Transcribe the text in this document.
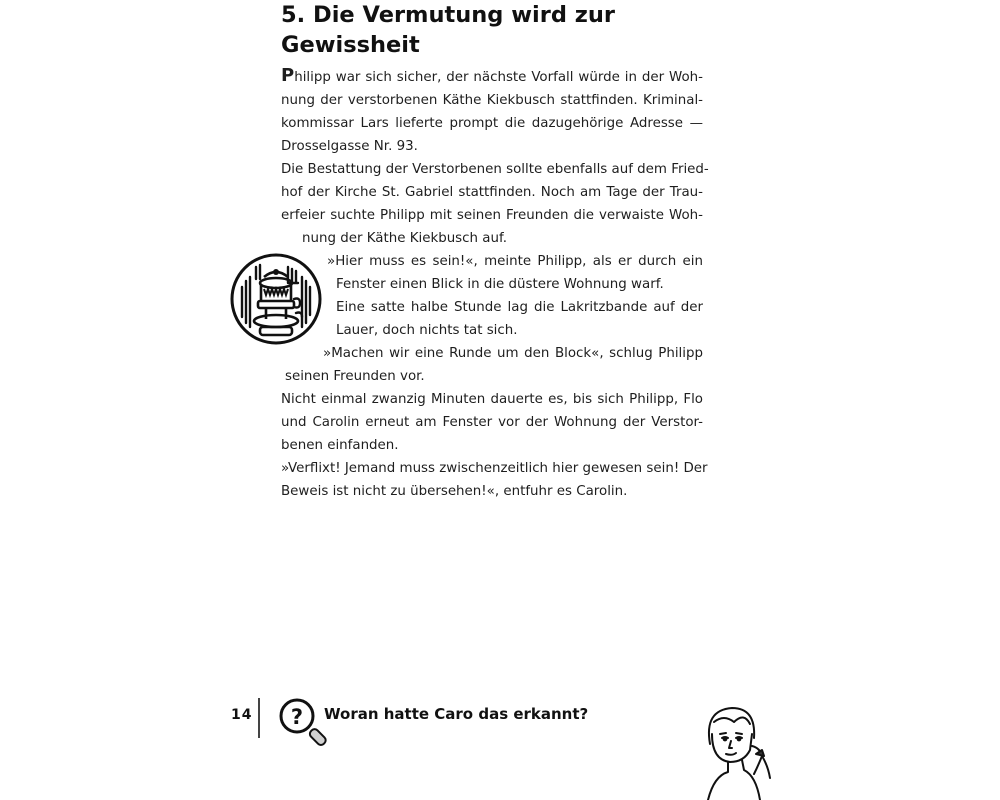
5. Die Vermutung wird zur Gewissheit
Philipp war sich sicher, der nächste Vorfall würde in der Woh-
nung der verstorbenen Käthe Kiekbusch stattfinden. Kriminal-
kommissar Lars lieferte prompt die dazugehörige Adresse —
Drosselgasse Nr. 93.
Die Bestattung der Verstorbenen sollte ebenfalls auf dem Fried-
hof der Kirche St. Gabriel stattfinden. Noch am Tage der Trau-
erfeier suchte Philipp mit seinen Freunden die verwaiste Woh-
nung der Käthe Kiekbusch auf.
»Hier muss es sein!«, meinte Philipp, als er durch ein
Fenster einen Blick in die düstere Wohnung warf.
Eine satte halbe Stunde lag die Lakritzbande auf der
Lauer, doch nichts tat sich.
»Machen wir eine Runde um den Block«, schlug Philipp
seinen Freunden vor.
Nicht einmal zwanzig Minuten dauerte es, bis sich Philipp, Flo
und Carolin erneut am Fenster vor der Wohnung der Verstor-
benen einfanden.
»Verflixt! Jemand muss zwischenzeitlich hier gewesen sein! Der
Beweis ist nicht zu übersehen!«, entfuhr es Carolin.
14 ? Woran hatte Caro das erkannt?
